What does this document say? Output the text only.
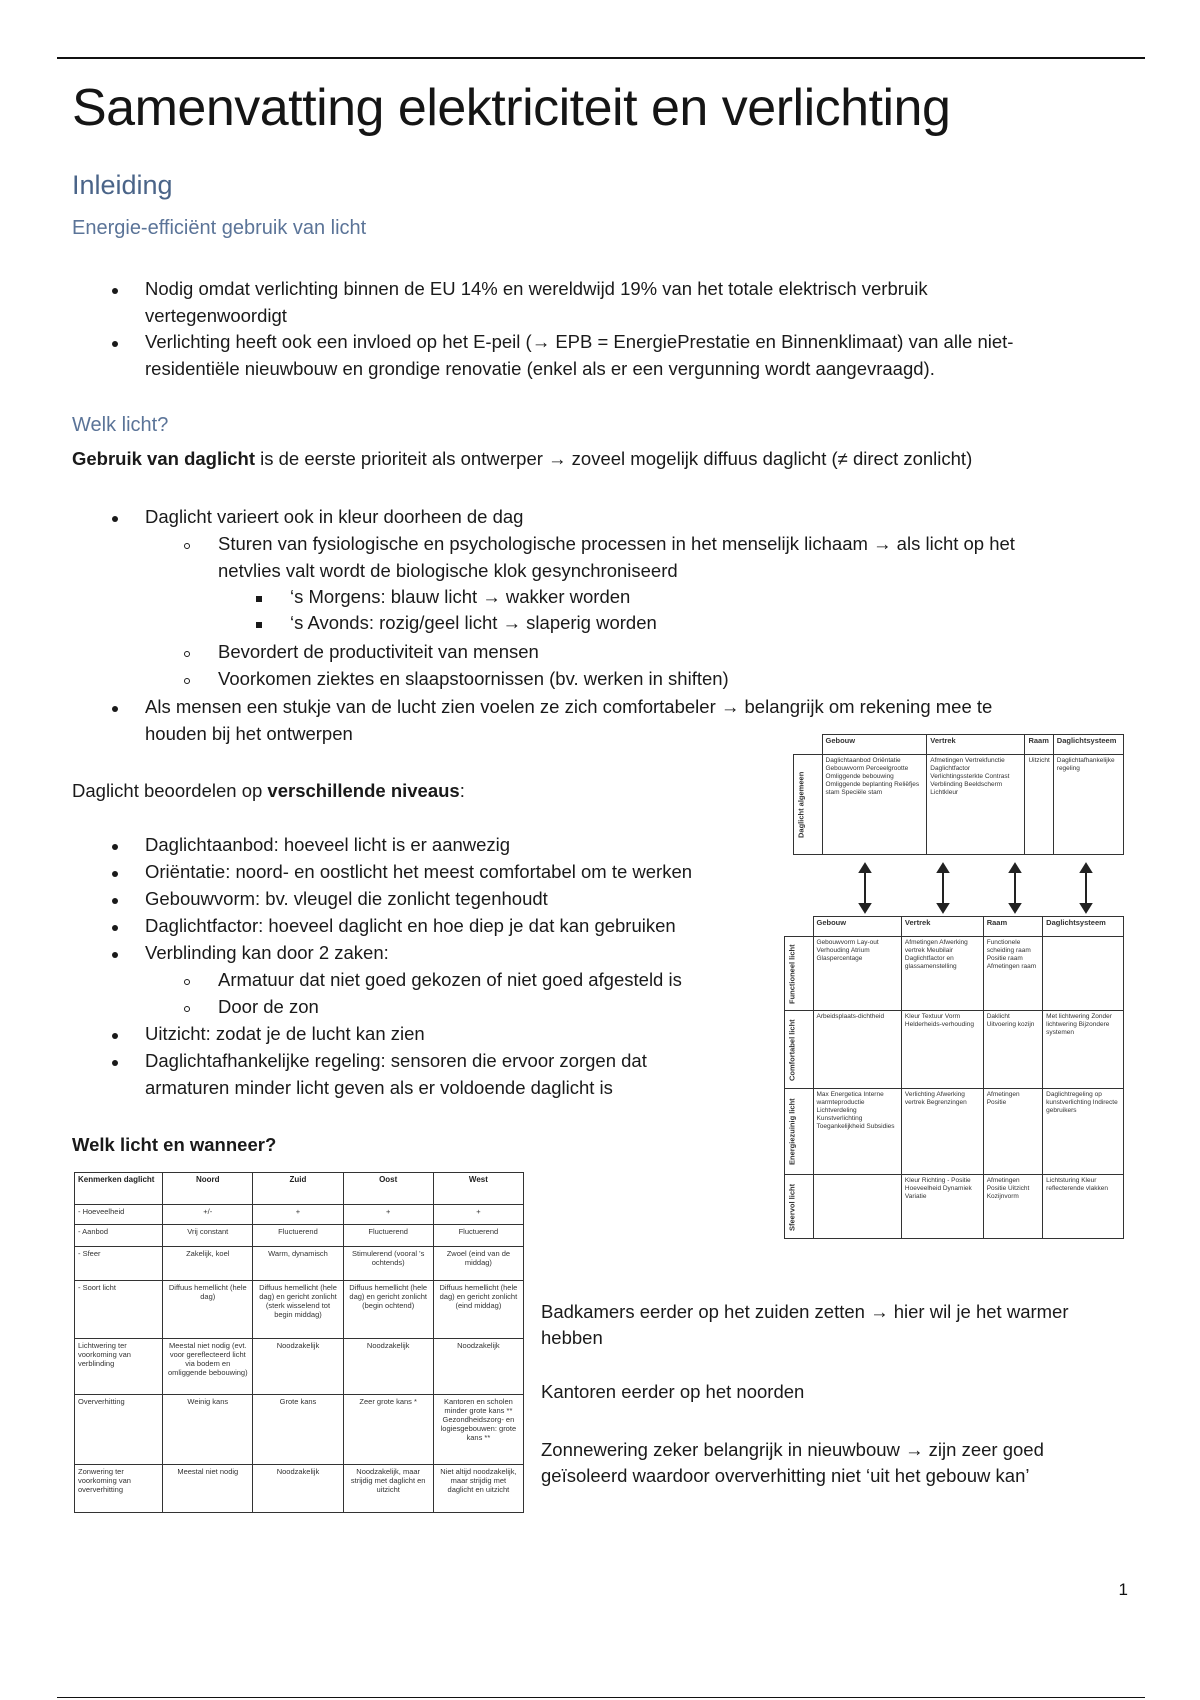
Samenvatting elektriciteit en verlichting
Inleiding
Energie-efficiënt gebruik van licht
Nodig omdat verlichting binnen de EU 14% en wereldwijd 19% van het totale elektrisch verbruik
vertegenwoordigt
Verlichting heeft ook een invloed op het E-peil (→ EPB = EnergiePrestatie en Binnenklimaat) van alle niet-
residentiële nieuwbouw en grondige renovatie (enkel als er een vergunning wordt aangevraagd).
Welk licht?
Gebruik van daglicht is de eerste prioriteit als ontwerper → zoveel mogelijk diffuus daglicht (≠ direct zonlicht)
Daglicht varieert ook in kleur doorheen de dag
Sturen van fysiologische en psychologische processen in het menselijk lichaam → als licht op het
netvlies valt wordt de biologische klok gesynchroniseerd
‘s Morgens: blauw licht → wakker worden
‘s Avonds: rozig/geel licht → slaperig worden
Bevordert de productiviteit van mensen
Voorkomen ziektes en slaapstoornissen (bv. werken in shiften)
Als mensen een stukje van de lucht zien voelen ze zich comfortabeler → belangrijk om rekening mee te
houden bij het ontwerpen
Daglicht beoordelen op verschillende niveaus:
Daglichtaanbod: hoeveel licht is er aanwezig
Oriëntatie: noord- en oostlicht het meest comfortabel om te werken
Gebouwvorm: bv. vleugel die zonlicht tegenhoudt
Daglichtfactor: hoeveel daglicht en hoe diep je dat kan gebruiken
Verblinding kan door 2 zaken:
Armatuur dat niet goed gekozen of niet goed afgesteld is
Door de zon
Uitzicht: zodat je de lucht kan zien
Daglichtafhankelijke regeling: sensoren die ervoor zorgen dat
armaturen minder licht geven als er voldoende daglicht is
Welk licht en wanneer?
Kenmerken daglicht	Noord	Zuid	Oost	West
- Hoeveelheid	+/-	+	+	+
- Aanbod	Vrij constant	Fluctuerend	Fluctuerend	Fluctuerend
- Sfeer	Zakelijk, koel	Warm, dynamisch	Stimulerend (vooral 's ochtends)	Zwoel (eind van de middag)
- Soort licht	Diffuus hemellicht (hele dag)	Diffuus hemellicht (hele dag) en gericht zonlicht (sterk wisselend tot begin middag)	Diffuus hemellicht (hele dag) en gericht zonlicht (begin ochtend)	Diffuus hemellicht (hele dag) en gericht zonlicht (eind middag)
Lichtwering ter voorkoming van verblinding	Meestal niet nodig (evt. voor gereflecteerd licht via bodem en omliggende bebouwing)	Noodzakelijk	Noodzakelijk	Noodzakelijk
Oververhitting	Weinig kans	Grote kans	Zeer grote kans *	Kantoren en scholen minder grote kans ** Gezondheidszorg- en logiesgebouwen: grote kans **
Zonwering ter voorkoming van oververhitting	Meestal niet nodig	Noodzakelijk	Noodzakelijk, maar strijdig met daglicht en uitzicht	Niet altijd noodzakelijk, maar strijdig met daglicht en uitzicht
Badkamers eerder op het zuiden zetten → hier wil je het warmer
hebben
Kantoren eerder op het noorden
Zonnewering zeker belangrijk in nieuwbouw → zijn zeer goed
geïsoleerd waardoor oververhitting niet ‘uit het gebouw kan’
	Gebouw	Vertrek	Raam	Daglichtsysteem
Daglicht algemeen	Daglichtaanbod Oriëntatie Gebouwvorm Perceelgrootte Omliggende bebouwing Omliggende beplanting Reliëfjes stam Speciële stam	Afmetingen Vertrekfunctie Daglichtfactor Verlichtingssterkte Contrast Verblinding Beeldscherm Lichtkleur	Uitzicht	Daglichtafhankelijke regeling
	Gebouw	Vertrek	Raam	Daglichtsysteem
Functioneel licht	Gebouwvorm Lay-out Verhouding Atrium Glaspercentage	Afmetingen Afwerking vertrek Meubilair Daglichtfactor en glassamenstelling	Functionele scheiding raam Positie raam Afmetingen raam	
Comfortabel licht	Arbeidsplaats-dichtheid	Kleur Textuur Vorm Helderheids-verhouding	Daklicht Uitvoering kozijn	Met lichtwering Zonder lichtwering Bijzondere systemen
Energiezuinig licht	Max Energetica Interne warmteproductie Lichtverdeling Kunstverlichting Toegankelijkheid Subsidies	Verlichting Afwerking vertrek Begrenzingen	Afmetingen Positie	Daglichtregeling op kunstverlichting Indirecte gebruikers
Sfeervol licht		Kleur Richting - Positie Hoeveelheid Dynamiek Variatie	Afmetingen Positie Uitzicht Kozijnvorm	Lichtsturing Kleur reflecterende vlakken
1
